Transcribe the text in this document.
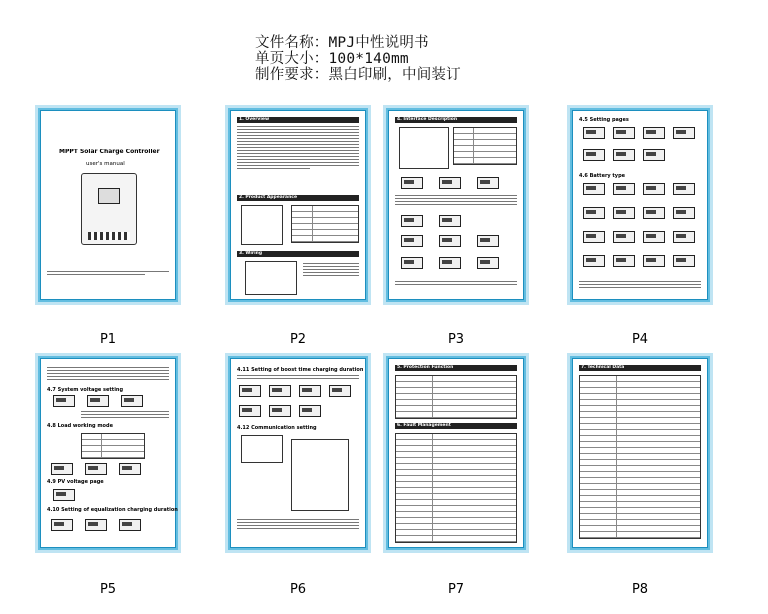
文件名称：MPJ中性说明书
单页大小：100*140mm
制作要求：黑白印刷，中间装订
MPPT Solar Charge Controller
user's manual
P1
1. Overview
2. Product Appearance
3. Wiring
P2
4. Interface Description
P3
4.5 Setting pages
4.6 Battery type
P4
4.7 System voltage setting
4.8 Load working mode
4.9 PV voltage page
4.10 Setting of equalization charging duration
P5
4.11 Setting of boost time charging duration
4.12 Communication setting
P6
5. Protection Function
6. Fault Management
P7
7. Technical Data
P8
